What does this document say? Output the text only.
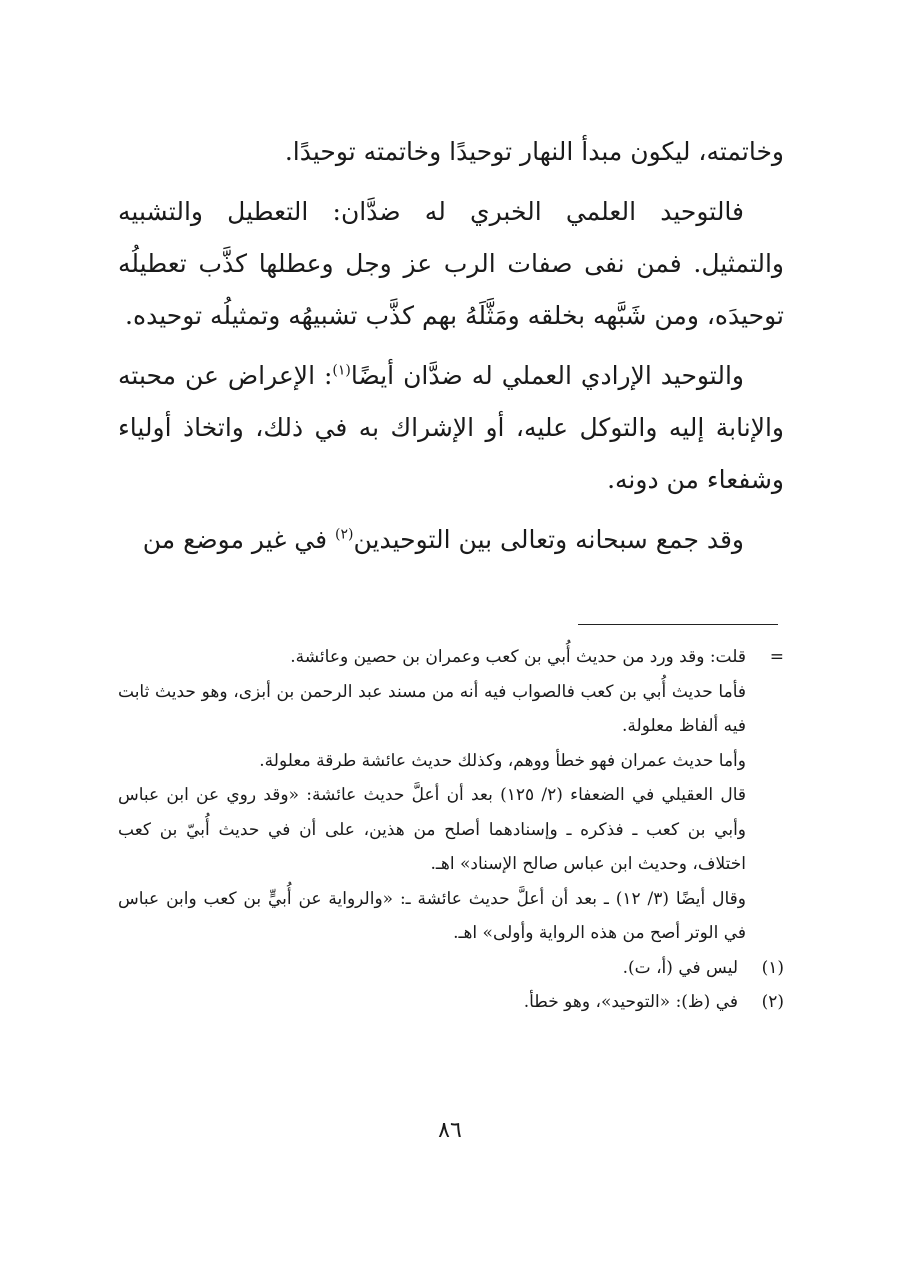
وخاتمته، ليكون مبدأ النهار توحيدًا وخاتمته توحيدًا.

فالتوحيد العلمي الخبري له ضدَّان: التعطيل والتشبيه والتمثيل. فمن نفى صفات الرب عز وجل وعطلها كذَّب تعطيلُه توحيدَه، ومن شَبَّهه بخلقه ومَثَّلَهُ بهم كذَّب تشبيهُه وتمثيلُه توحيده.

والتوحيد الإرادي العملي له ضدَّان أيضًا$^{(١)}$: الإعراض عن محبته والإنابة إليه والتوكل عليه، أو الإشراك به في ذلك، واتخاذ أولياء وشفعاء من دونه.

وقد جمع سبحانه وتعالى بين التوحيدين$^{(٢)}$ في غير موضع من

=

قلت: وقد ورد من حديث أُبي بن كعب وعمران بن حصين وعائشة.

فأما حديث أُبي بن كعب فالصواب فيه أنه من مسند عبد الرحمن بن أبزى، وهو حديث ثابت فيه ألفاظ معلولة.

وأما حديث عمران فهو خطأ ووهم، وكذلك حديث عائشة طرقة معلولة.

قال العقيلي في الضعفاء (٢/ ١٢٥) بعد أن أعلَّ حديث عائشة: «وقد روي عن ابن عباس وأبي بن كعب ـ فذكره ـ وإسنادهما أصلح من هذين، على أن في حديث أُبيّ بن كعب اختلاف، وحديث ابن عباس صالح الإسناد» اهـ.

وقال أيضًا (٣/ ١٢) ـ بعد أن أعلَّ حديث عائشة ـ: «والرواية عن أُبيٍّ بن كعب وابن عباس في الوتر أصح من هذه الرواية وأولى» اهـ.

(١)
ليس في (أ، ت).

(٢)
في (ظ): «التوحيد»، وهو خطأ.

٨٦
